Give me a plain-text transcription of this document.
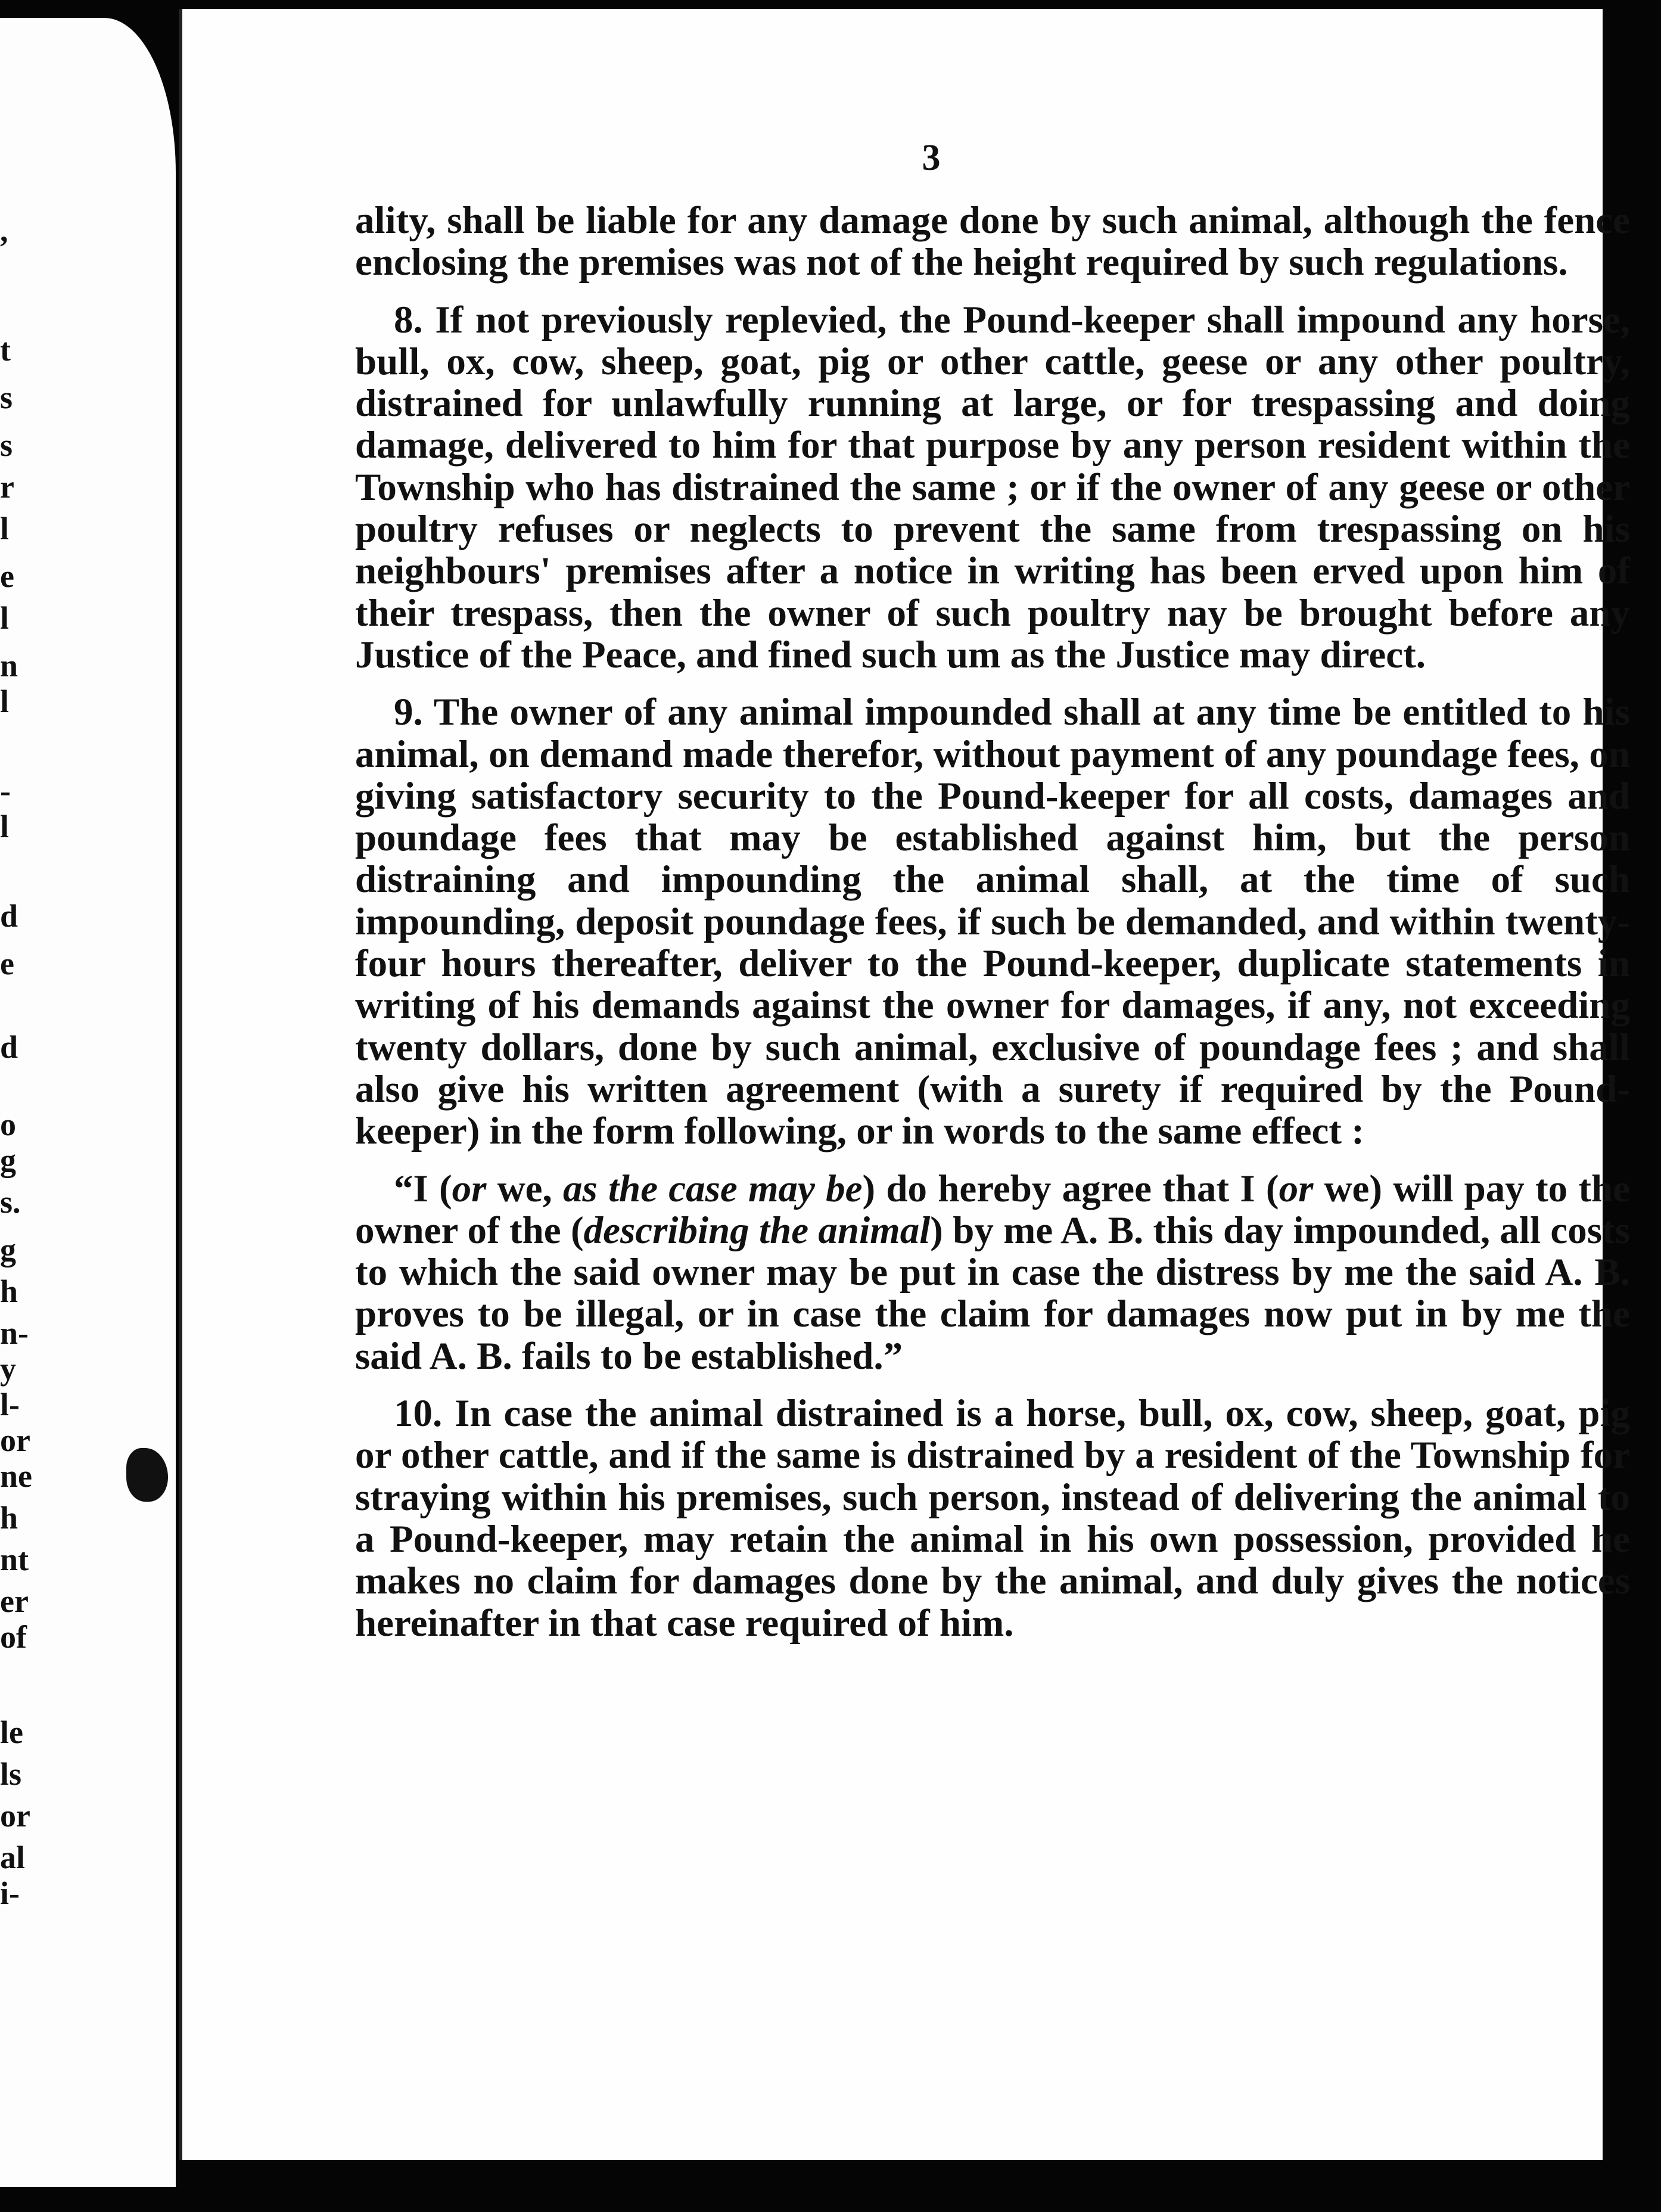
,
t
s
s
r
l
e
l
n
l
-
l
d
e
d
o
g
s.
g
h
n-
y
l-
or
ne
h
nt
er
of
le
ls
or
al
i-
3

ality, shall be liable for any damage done by such animal, although the fence enclosing the premises was not of the height required by such regulations.

8. If not previously replevied, the Pound-keeper shall impound any horse, bull, ox, cow, sheep, goat, pig or other cattle, geese or any other poultry, distrained for unlawfully running at large, or for trespassing and doing damage, delivered to him for that purpose by any person resident within the Township who has distrained the same ; or if the owner of any geese or other poultry refuses or neglects to prevent the same from trespassing on his neighbours' premises after a notice in writing has been erved upon him of their trespass, then the owner of such poultry nay be brought before any Justice of the Peace, and fined such um as the Justice may direct.

9. The owner of any animal impounded shall at any time be entitled to his animal, on demand made therefor, without payment of any poundage fees, on giving satisfactory security to the Pound-keeper for all costs, damages and poundage fees that may be established against him, but the person distraining and impounding the animal shall, at the time of such impounding, deposit poundage fees, if such be demanded, and within twenty-four hours thereafter, deliver to the Pound-keeper, duplicate statements in writing of his demands against the owner for damages, if any, not exceeding twenty dollars, done by such animal, exclusive of poundage fees ; and shall also give his written agreement (with a surety if required by the Pound-keeper) in the form following, or in words to the same effect :

“I (or we, as the case may be) do hereby agree that I (or we) will pay to the owner of the (describing the animal) by me A. B. this day impounded, all costs to which the said owner may be put in case the distress by me the said A. B. proves to be illegal, or in case the claim for damages now put in by me the said A. B. fails to be established.”

10. In case the animal distrained is a horse, bull, ox, cow, sheep, goat, pig or other cattle, and if the same is distrained by a resident of the Township for straying within his premises, such person, instead of delivering the animal to a Pound-keeper, may retain the animal in his own possession, provided he makes no claim for damages done by the animal, and duly gives the notices hereinafter in that case required of him.
